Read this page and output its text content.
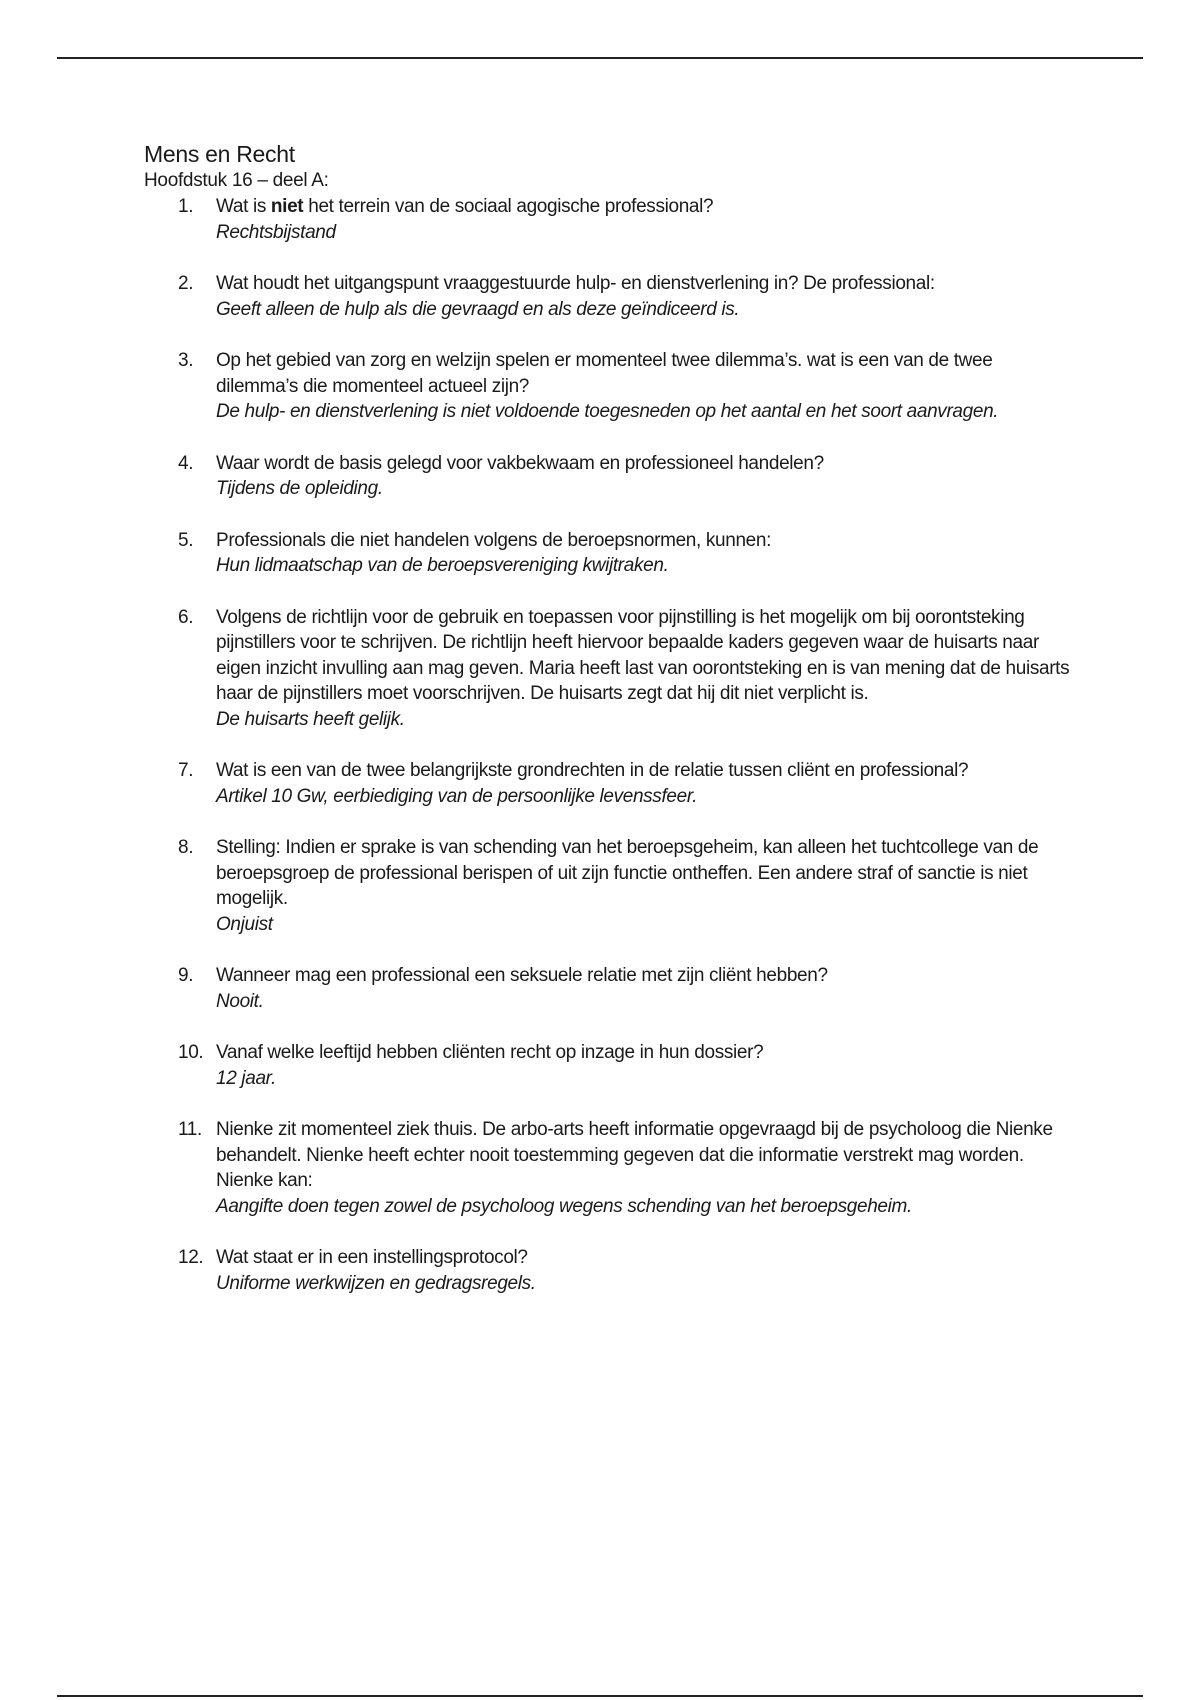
Mens en Recht

Hoofdstuk 16 – deel A:

1. Wat is niet het terrein van de sociaal agogische professional?
Rechtsbijstand
2. Wat houdt het uitgangspunt vraaggestuurde hulp- en dienstverlening in? De professional:
Geeft alleen de hulp als die gevraagd en als deze geïndiceerd is.
3. Op het gebied van zorg en welzijn spelen er momenteel twee dilemma’s. wat is een van de twee dilemma’s die momenteel actueel zijn?
De hulp- en dienstverlening is niet voldoende toegesneden op het aantal en het soort aanvragen.
4. Waar wordt de basis gelegd voor vakbekwaam en professioneel handelen?
Tijdens de opleiding.
5. Professionals die niet handelen volgens de beroepsnormen, kunnen:
Hun lidmaatschap van de beroepsvereniging kwijtraken.
6. Volgens de richtlijn voor de gebruik en toepassen voor pijnstilling is het mogelijk om bij oorontsteking pijnstillers voor te schrijven. De richtlijn heeft hiervoor bepaalde kaders gegeven waar de huisarts naar eigen inzicht invulling aan mag geven. Maria heeft last van oorontsteking en is van mening dat de huisarts haar de pijnstillers moet voorschrijven. De huisarts zegt dat hij dit niet verplicht is.
De huisarts heeft gelijk.
7. Wat is een van de twee belangrijkste grondrechten in de relatie tussen cliënt en professional?
Artikel 10 Gw, eerbiediging van de persoonlijke levenssfeer.
8. Stelling: Indien er sprake is van schending van het beroepsgeheim, kan alleen het tuchtcollege van de beroepsgroep de professional berispen of uit zijn functie ontheffen. Een andere straf of sanctie is niet mogelijk.
Onjuist
9. Wanneer mag een professional een seksuele relatie met zijn cliënt hebben?
Nooit.
10. Vanaf welke leeftijd hebben cliënten recht op inzage in hun dossier?
12 jaar.
11. Nienke zit momenteel ziek thuis. De arbo-arts heeft informatie opgevraagd bij de psycholoog die Nienke behandelt. Nienke heeft echter nooit toestemming gegeven dat die informatie verstrekt mag worden. Nienke kan:
Aangifte doen tegen zowel de psycholoog wegens schending van het beroepsgeheim.
12. Wat staat er in een instellingsprotocol?
Uniforme werkwijzen en gedragsregels.
